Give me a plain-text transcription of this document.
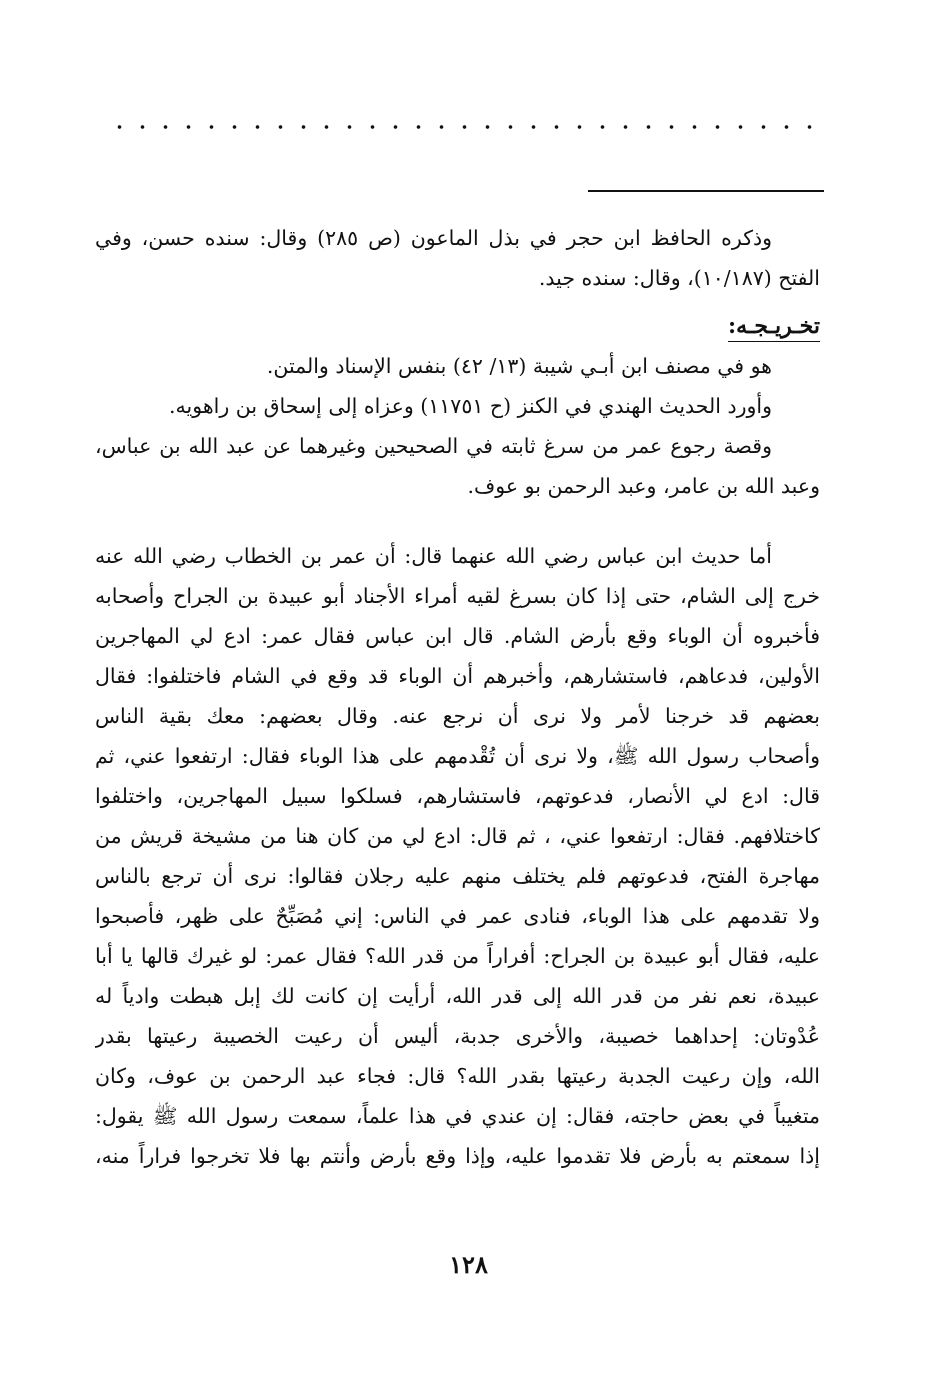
وذكره الحافظ ابن حجر في بذل الماعون (ص ٢٨٥) وقال: سنده حسن، وفي
الفتح (١٠/١٨٧)، وقال: سنده جيد.
تخـريـجـه:
هو في مصنف ابن أبـي شيبة (١٣/ ٤٢) بنفس الإسناد والمتن.
وأورد الحديث الهندي في الكنز (ح ١١٧٥١) وعزاه إلى إسحاق بن راهويه.
وقصة رجوع عمر من سرغ ثابته في الصحيحين وغيرهما عن عبد الله بن عباس،
وعبد الله بن عامر، وعبد الرحمن بو عوف.
أما حديث ابن عباس رضي الله عنهما قال: أن عمر بن الخطاب رضي الله عنه
خرج إلى الشام، حتى إذا كان بسرغ لقيه أمراء الأجناد أبو عبيدة بن الجراح وأصحابه
فأخبروه أن الوباء وقع بأرض الشام. قال ابن عباس فقال عمر: ادع لي المهاجرين
الأولين، فدعاهم، فاستشارهم، وأخبرهم أن الوباء قد وقع في الشام فاختلفوا: فقال
بعضهم قد خرجنا لأمر ولا نرى أن نرجع عنه. وقال بعضهم: معك بقية الناس
وأصحاب رسول الله ﷺ، ولا نرى أن تُقْدمهم على هذا الوباء فقال: ارتفعوا عني، ثم
قال: ادع لي الأنصار، فدعوتهم، فاستشارهم، فسلكوا سبيل المهاجرين، واختلفوا
كاختلافهم. فقال: ارتفعوا عني، ، ثم قال: ادع لي من كان هنا من مشيخة قريش من
مهاجرة الفتح، فدعوتهم فلم يختلف منهم عليه رجلان فقالوا: نرى أن ترجع بالناس
ولا تقدمهم على هذا الوباء، فنادى عمر في الناس: إني مُصَبِّحٌ على ظهر، فأصبحوا
عليه، فقال أبو عبيدة بن الجراح: أفراراً من قدر الله؟ فقال عمر: لو غيرك قالها يا أبا
عبيدة، نعم نفر من قدر الله إلى قدر الله، أرأيت إن كانت لك إبل هبطت وادياً له
عُدْوتان: إحداهما خصيبة، والأخرى جدبة، أليس أن رعيت الخصيبة رعيتها بقدر
الله، وإن رعيت الجدبة رعيتها بقدر الله؟ قال: فجاء عبد الرحمن بن عوف، وكان
متغيباً في بعض حاجته، فقال: إن عندي في هذا علماً، سمعت رسول الله ﷺ يقول:
إذا سمعتم به بأرض فلا تقدموا عليه، وإذا وقع بأرض وأنتم بها فلا تخرجوا فراراً منه،
١٢٨
